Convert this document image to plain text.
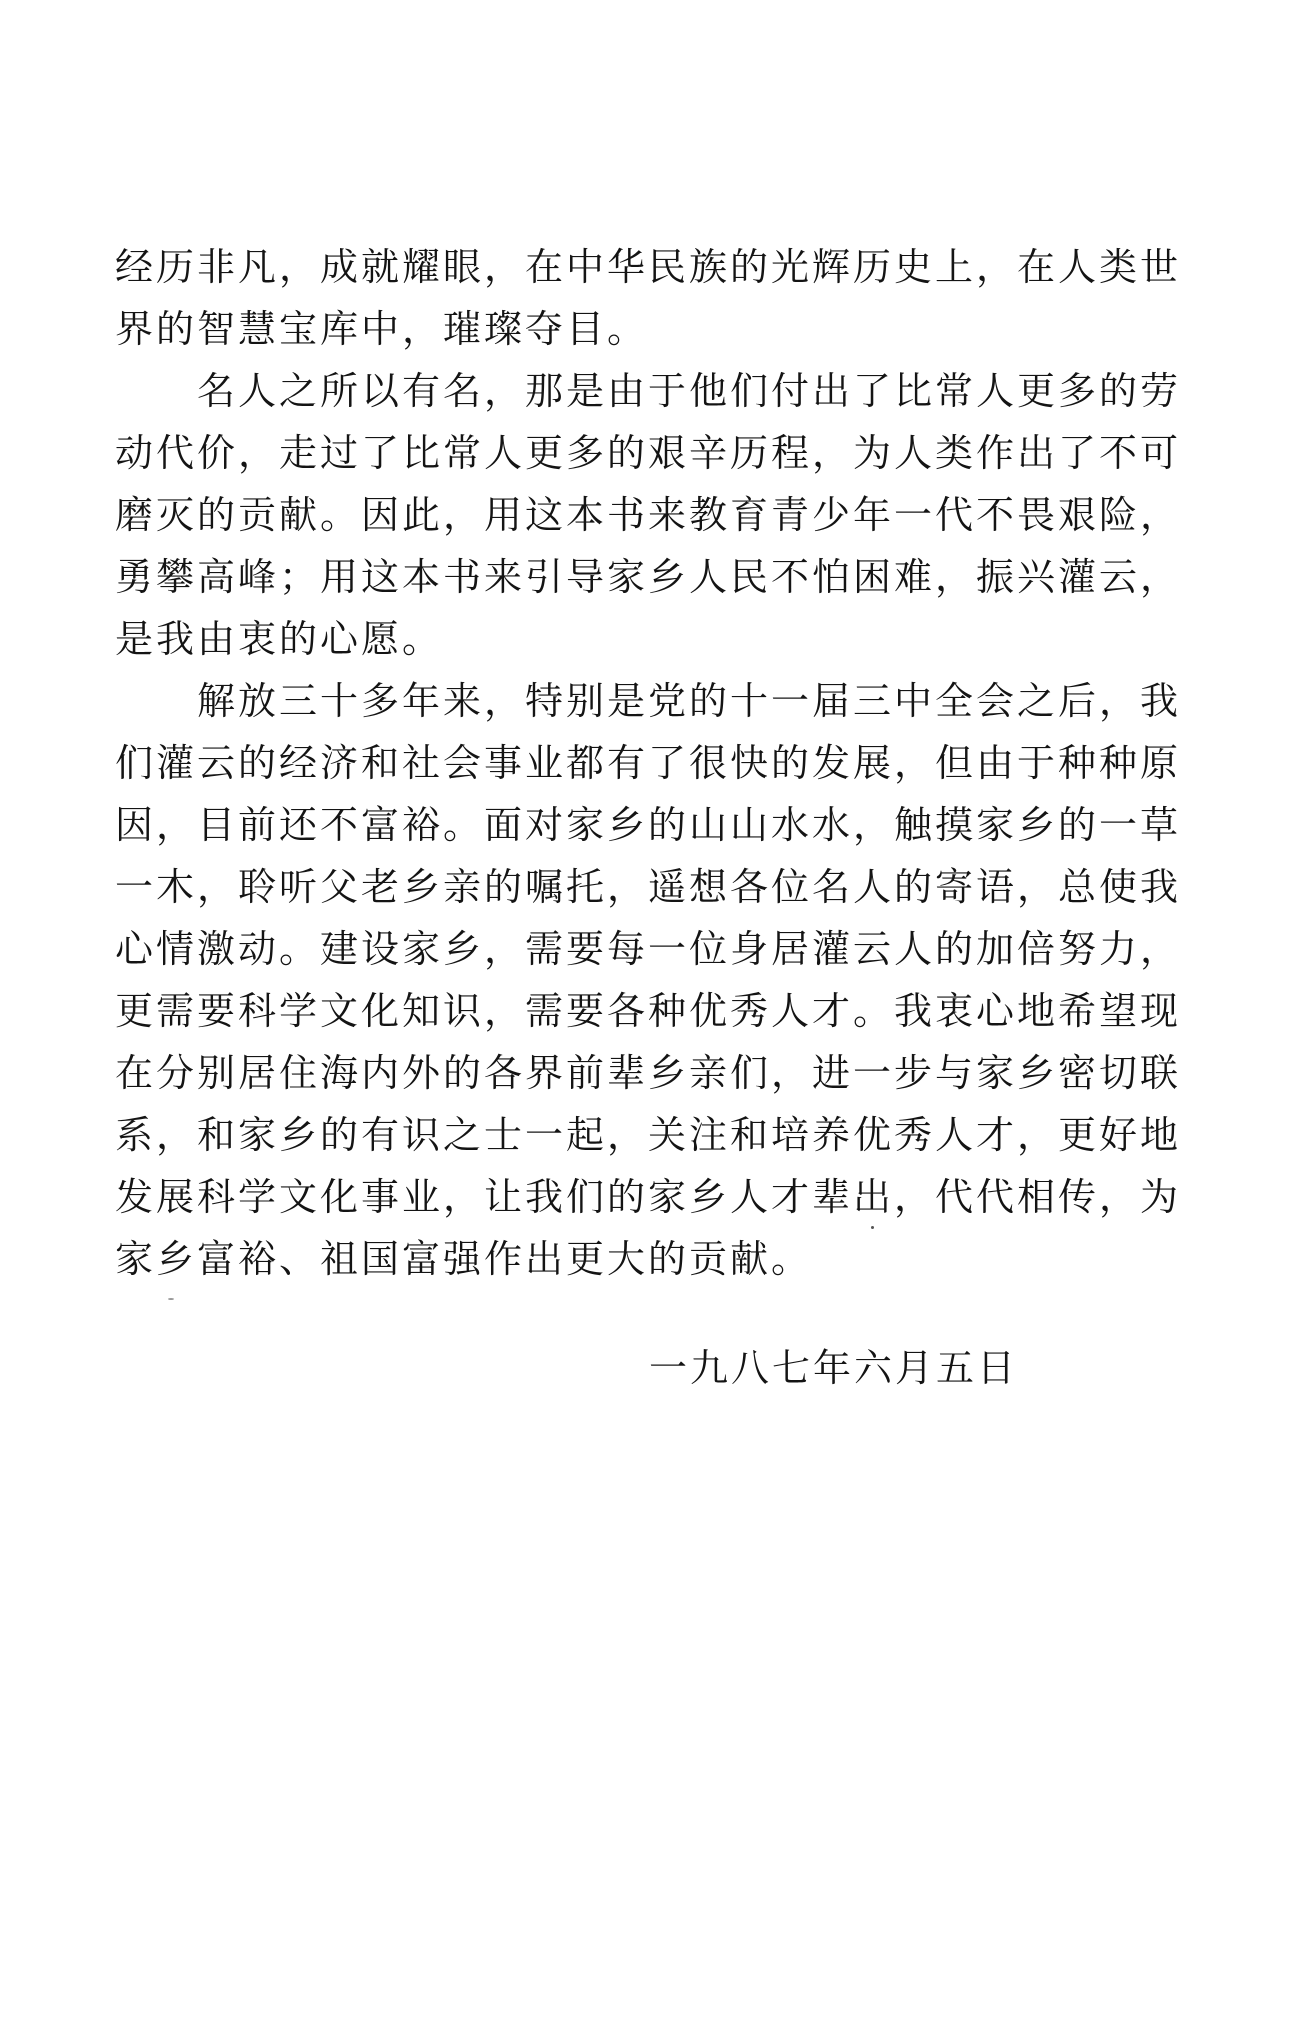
经历非凡，成就耀眼，在中华民族的光辉历史上，在人类世
界的智慧宝库中，璀璨夺目。
名人之所以有名，那是由于他们付出了比常人更多的劳
动代价，走过了比常人更多的艰辛历程，为人类作出了不可
磨灭的贡献。因此，用这本书来教育青少年一代不畏艰险，
勇攀高峰；用这本书来引导家乡人民不怕困难，振兴灌云，
是我由衷的心愿。
解放三十多年来，特别是党的十一届三中全会之后，我
们灌云的经济和社会事业都有了很快的发展，但由于种种原
因，目前还不富裕。面对家乡的山山水水，触摸家乡的一草
一木，聆听父老乡亲的嘱托，遥想各位名人的寄语，总使我
心情激动。建设家乡，需要每一位身居灌云人的加倍努力，
更需要科学文化知识，需要各种优秀人才。我衷心地希望现
在分别居住海内外的各界前辈乡亲们，进一步与家乡密切联
系，和家乡的有识之士一起，关注和培养优秀人才，更好地
发展科学文化事业，让我们的家乡人才辈出，代代相传，为
家乡富裕、祖国富强作出更大的贡献。
一九八七年六月五日
